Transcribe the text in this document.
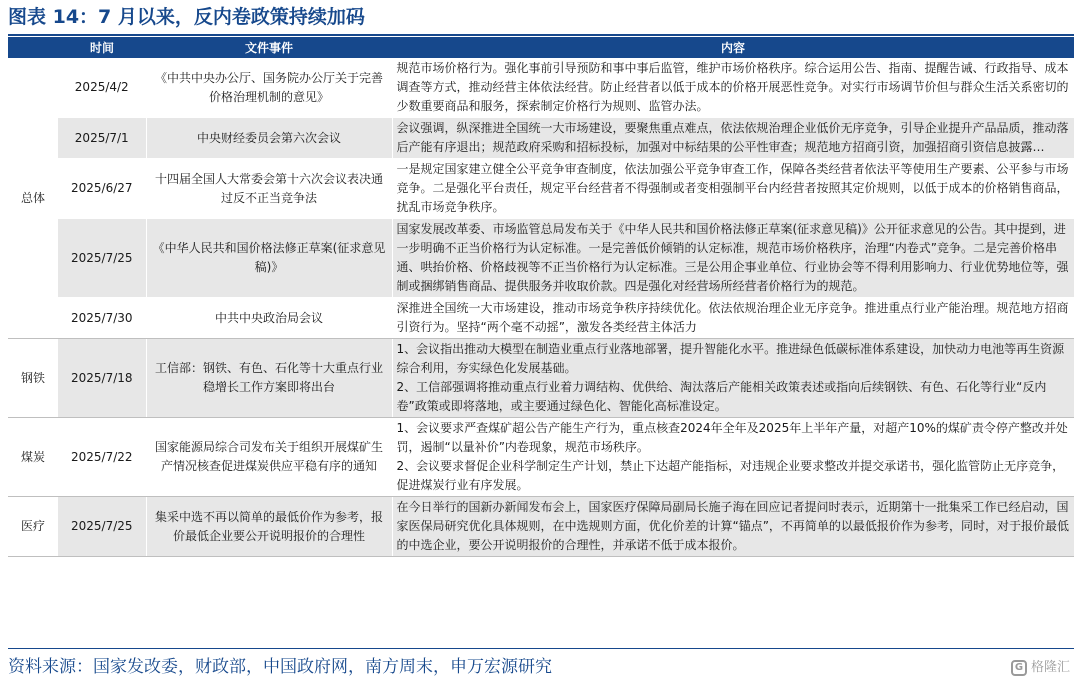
图表 14：7 月以来，反内卷政策持续加码
	时间	文件事件	内容
总体	2025/4/2	《中共中央办公厅、国务院办公厅关于完善价格治理机制的意见》	规范市场价格行为。强化事前引导预防和事中事后监管，维护市场价格秩序。综合运用公告、指南、提醒告诫、行政指导、成本调查等方式，推动经营主体依法经营。防止经营者以低于成本的价格开展恶性竞争。对实行市场调节价但与群众生活关系密切的少数重要商品和服务，探索制定价格行为规则、监管办法。
	2025/7/1	中央财经委员会第六次会议	会议强调，纵深推进全国统一大市场建设，要聚焦重点难点，依法依规治理企业低价无序竞争，引导企业提升产品品质，推动落后产能有序退出；规范政府采购和招标投标，加强对中标结果的公平性审查；规范地方招商引资，加强招商引资信息披露…
	2025/6/27	十四届全国人大常委会第十六次会议表决通过反不正当竞争法	一是规定国家建立健全公平竞争审查制度，依法加强公平竞争审查工作，保障各类经营者依法平等使用生产要素、公平参与市场竞争。二是强化平台责任，规定平台经营者不得强制或者变相强制平台内经营者按照其定价规则，以低于成本的价格销售商品，扰乱市场竞争秩序。
	2025/7/25	《中华人民共和国价格法修正草案(征求意见稿)》	国家发展改革委、市场监管总局发布关于《中华人民共和国价格法修正草案(征求意见稿)》公开征求意见的公告。其中提到，进一步明确不正当价格行为认定标准。一是完善低价倾销的认定标准，规范市场价格秩序，治理“内卷式”竞争。二是完善价格串通、哄抬价格、价格歧视等不正当价格行为认定标准。三是公用企事业单位、行业协会等不得利用影响力、行业优势地位等，强制或捆绑销售商品、提供服务并收取价款。四是强化对经营场所经营者价格行为的规范。
	2025/7/30	中共中央政治局会议	深推进全国统一大市场建设，推动市场竞争秩序持续优化。依法依规治理企业无序竞争。推进重点行业产能治理。规范地方招商引资行为。坚持“两个毫不动摇”，激发各类经营主体活力
钢铁	2025/7/18	工信部：钢铁、有色、石化等十大重点行业稳增长工作方案即将出台	1、会议指出推动大模型在制造业重点行业落地部署，提升智能化水平。推进绿色低碳标准体系建设，加快动力电池等再生资源综合利用，夯实绿色化发展基础。
2、工信部强调将推动重点行业着力调结构、优供给、淘汰落后产能相关政策表述或指向后续钢铁、有色、石化等行业“反内卷”政策或即将落地，或主要通过绿色化、智能化高标准设定。

煤炭	2025/7/22	国家能源局综合司发布关于组织开展煤矿生产情况核查促进煤炭供应平稳有序的通知	1、会议要求严查煤矿超公告产能生产行为，重点核查2024年全年及2025年上半年产量，对超产10%的煤矿责令停产整改并处罚，遏制“以量补价”内卷现象，规范市场秩序。
2、会议要求督促企业科学制定生产计划，禁止下达超产能指标，对违规企业要求整改并提交承诺书，强化监管防止无序竞争，促进煤炭行业有序发展。

医疗	2025/7/25	集采中选不再以简单的最低价作为参考，报价最低企业要公开说明报价的合理性	在今日举行的国新办新闻发布会上，国家医疗保障局副局长施子海在回应记者提问时表示，近期第十一批集采工作已经启动，国家医保局研究优化具体规则，在中选规则方面，优化价差的计算“锚点”，不再简单的以最低报价作为参考，同时，对于报价最低的中选企业，要公开说明报价的合理性，并承诺不低于成本报价。
资料来源：国家发改委，财政部，中国政府网，南方周末，申万宏源研究	G 格隆汇
